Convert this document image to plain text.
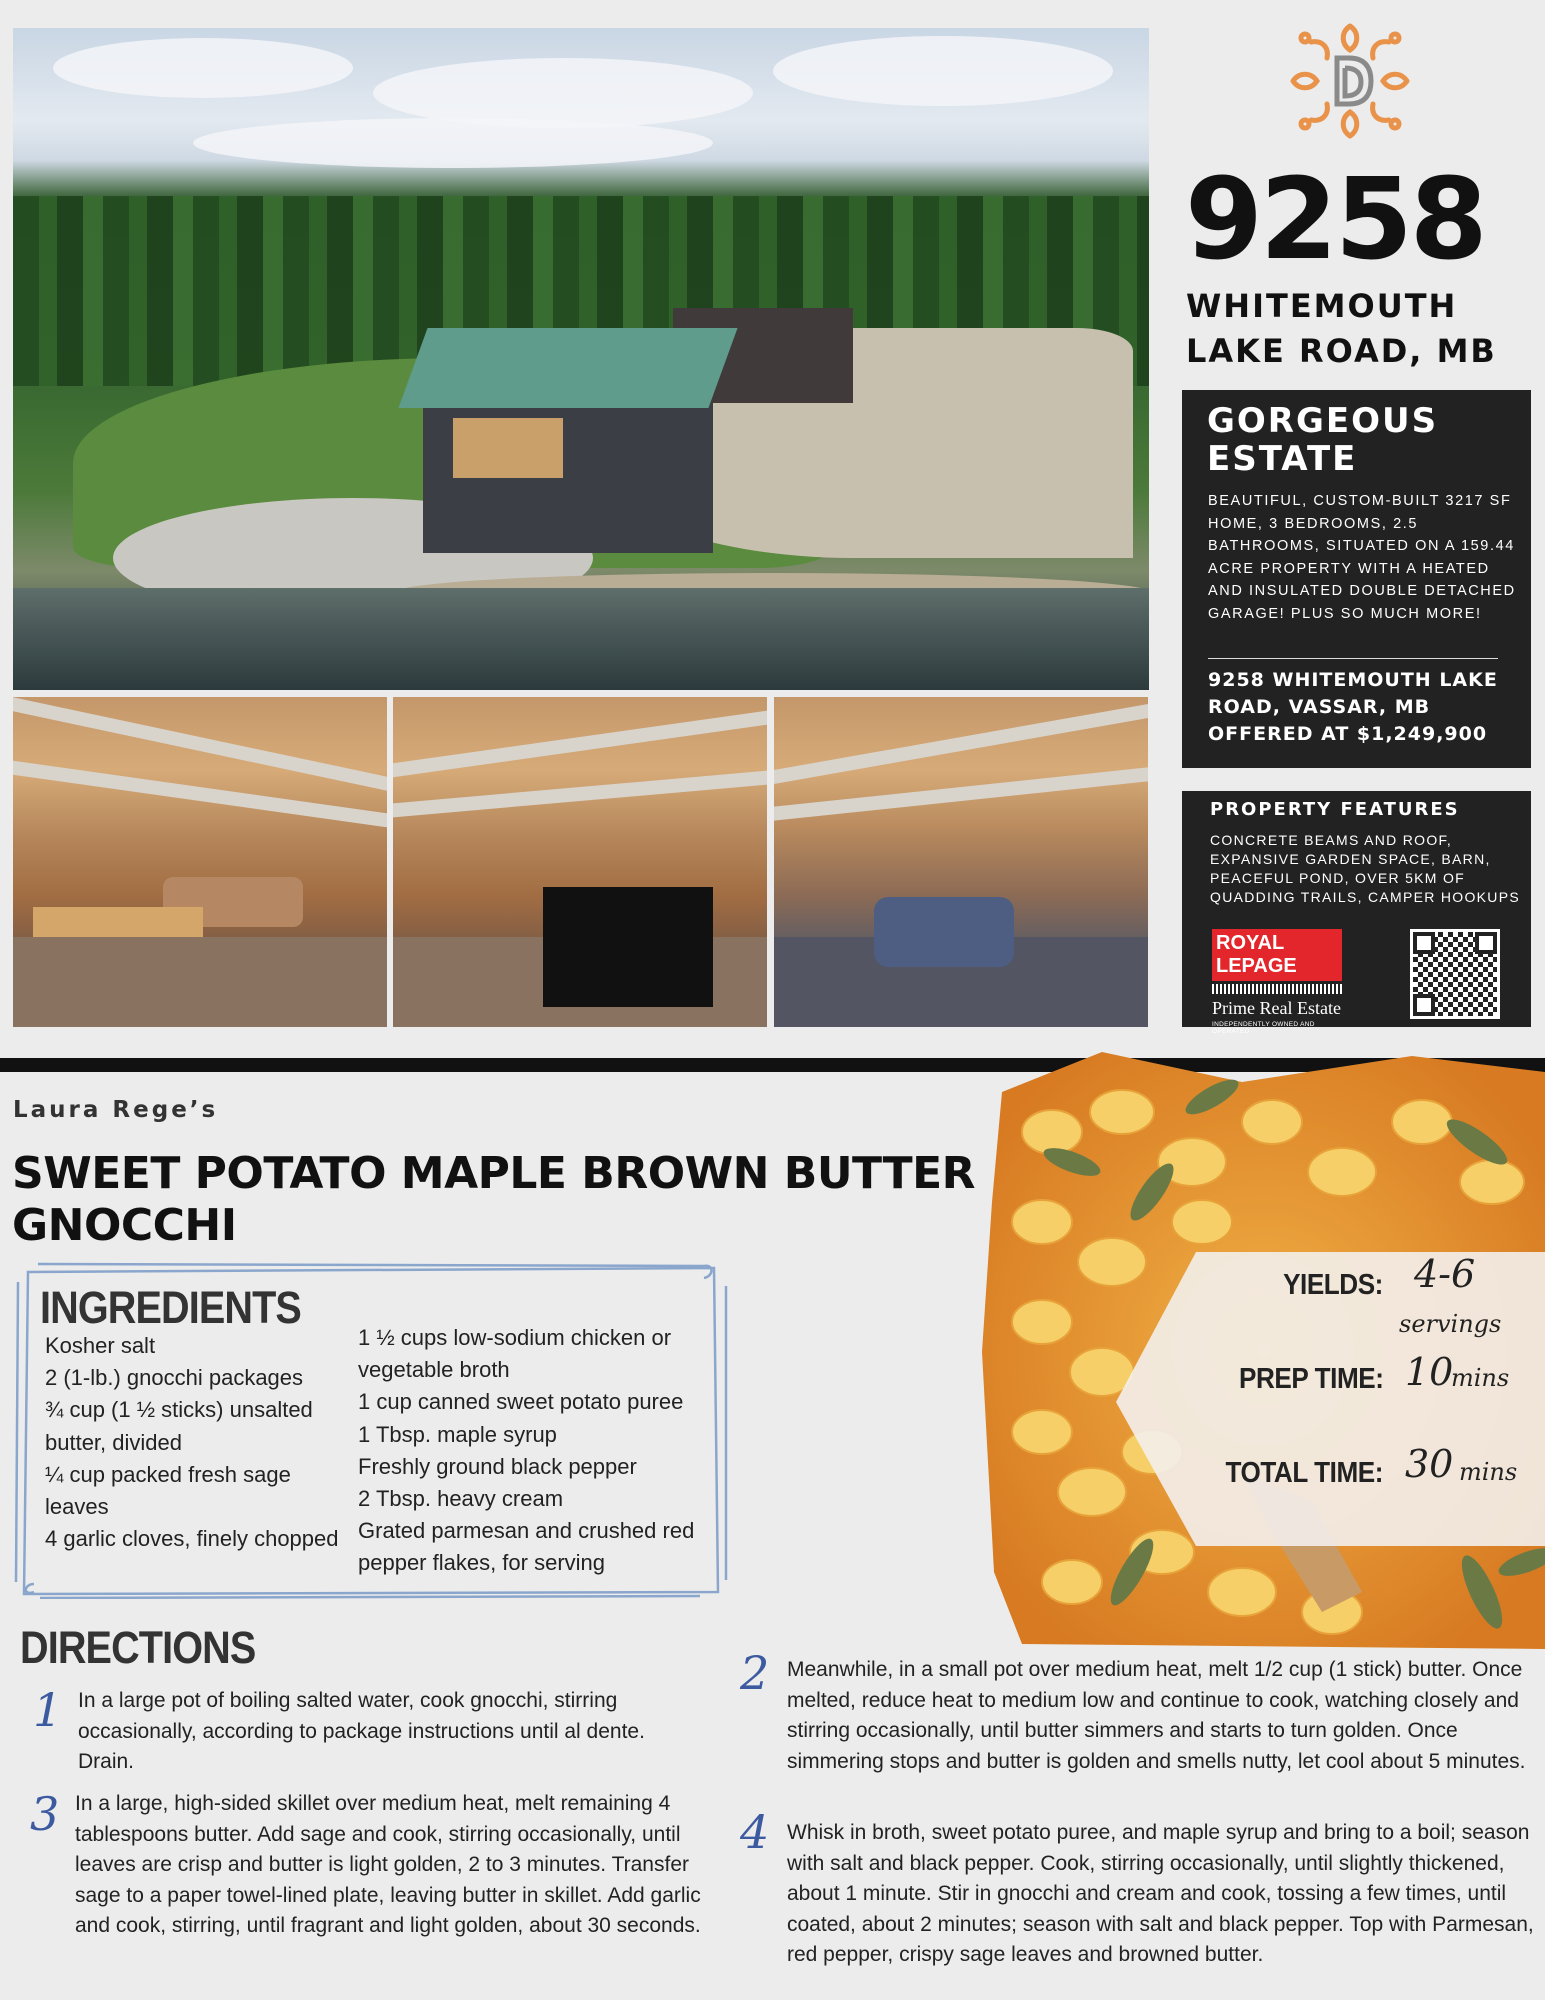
9258
WHITEMOUTH LAKE ROAD, MB
GORGEOUS
ESTATE
BEAUTIFUL, CUSTOM-BUILT 3217 SF HOME, 3 BEDROOMS, 2.5 BATHROOMS, SITUATED ON A 159.44 ACRE PROPERTY WITH A HEATED AND INSULATED DOUBLE DETACHED GARAGE! PLUS SO MUCH MORE!
9258 WHITEMOUTH LAKE
ROAD, VASSAR, MB
OFFERED AT $1,249,900
PROPERTY FEATURES
CONCRETE BEAMS AND ROOF, EXPANSIVE GARDEN SPACE, BARN, PEACEFUL POND, OVER 5KM OF QUADDING TRAILS, CAMPER HOOKUPS
ROYAL LEPAGE
Prime Real Estate
INDEPENDENTLY OWNED AND OPERATED
Laura Rege’s
SWEET POTATO MAPLE BROWN BUTTER GNOCCHI
INGREDIENTS
Kosher salt
2 (1-lb.) gnocchi packages
¾ cup (1 ½ sticks) unsalted butter, divided
¼ cup packed fresh sage leaves
4 garlic cloves, finely chopped
1 ½ cups low-sodium chicken or vegetable broth
1 cup canned sweet potato puree
1 Tbsp. maple syrup
Freshly ground black pepper
2 Tbsp. heavy cream
Grated parmesan and crushed red pepper flakes, for serving
DIRECTIONS
1 In a large pot of boiling salted water, cook gnocchi, stirring occasionally, according to package instructions until al dente. Drain.
3 In a large, high-sided skillet over medium heat, melt remaining 4 tablespoons butter. Add sage and cook, stirring occasionally, until leaves are crisp and butter is light golden, 2 to 3 minutes. Transfer sage to a paper towel-lined plate, leaving butter in skillet. Add garlic and cook, stirring, until fragrant and light golden, about 30 seconds.
2 Meanwhile, in a small pot over medium heat, melt 1/2 cup (1 stick) butter. Once melted, reduce heat to medium low and continue to cook, watching closely and stirring occasionally, until butter simmers and starts to turn golden. Once simmering stops and butter is golden and smells nutty, let cool about 5 minutes.
4 Whisk in broth, sweet potato puree, and maple syrup and bring to a boil; season with salt and black pepper. Cook, stirring occasionally, until slightly thickened, about 1 minute. Stir in gnocchi and cream and cook, tossing a few times, until coated, about 2 minutes; season with salt and black pepper. Top with Parmesan, red pepper, crispy sage leaves and browned butter.
YIELDS: 4-6
servings
PREP TIME: 10
mins
TOTAL TIME: 30 mins
